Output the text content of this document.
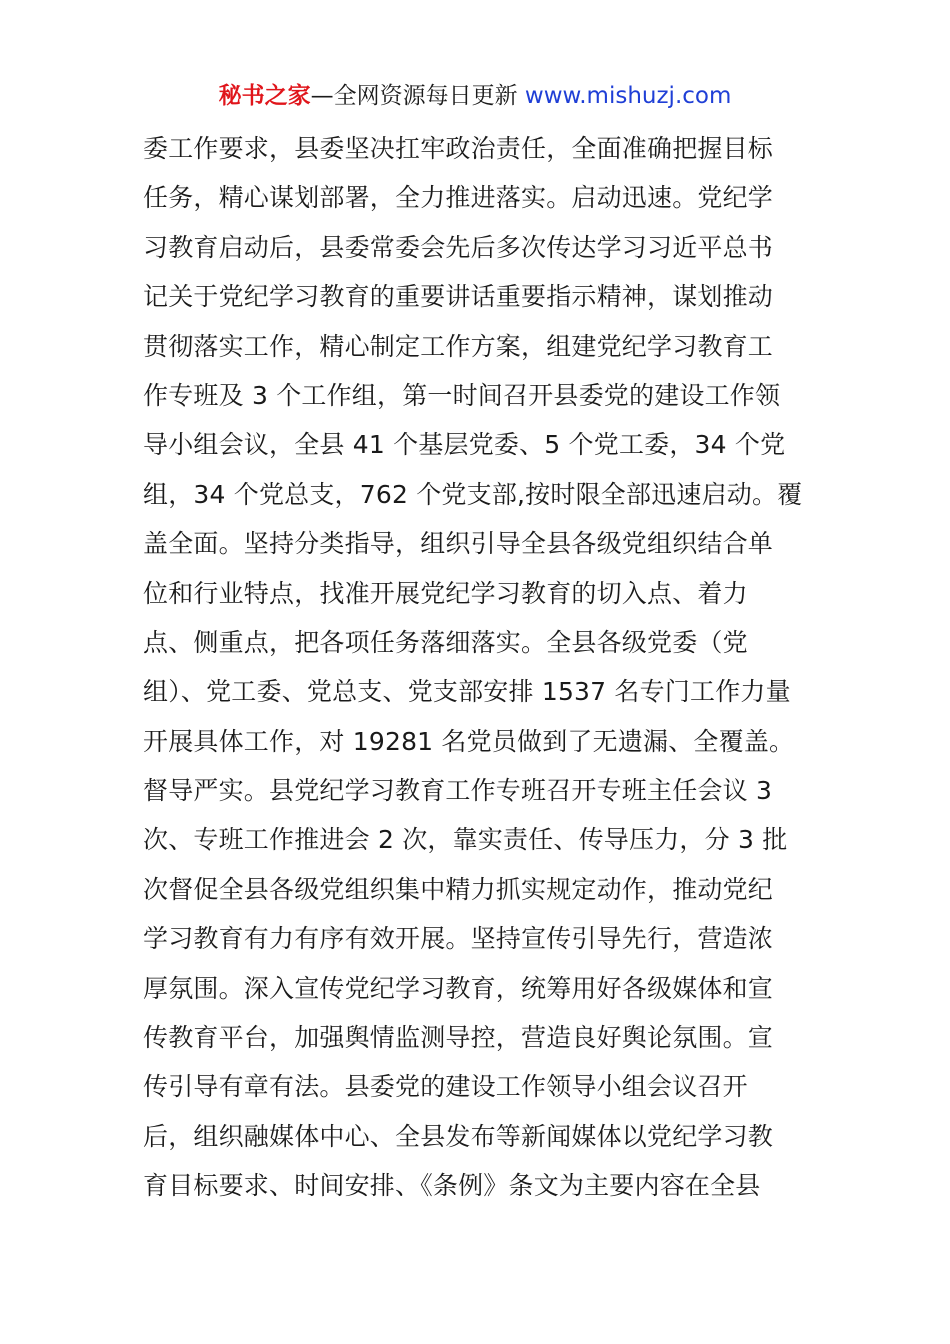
秘书之家—全网资源每日更新 www.mishuzj.com
委工作要求，县委坚决扛牢政治责任，全面准确把握目标
任务，精心谋划部署，全力推进落实。启动迅速。党纪学
习教育启动后，县委常委会先后多次传达学习习近平总书
记关于党纪学习教育的重要讲话重要指示精神，谋划推动
贯彻落实工作，精心制定工作方案，组建党纪学习教育工
作专班及 3 个工作组，第一时间召开县委党的建设工作领
导小组会议，全县 41 个基层党委、5 个党工委，34 个党
组，34 个党总支，762 个党支部,按时限全部迅速启动。覆
盖全面。坚持分类指导，组织引导全县各级党组织结合单
位和行业特点，找准开展党纪学习教育的切入点、着力
点、侧重点，把各项任务落细落实。全县各级党委（党
组）、党工委、党总支、党支部安排 1537 名专门工作力量
开展具体工作，对 19281 名党员做到了无遗漏、全覆盖。
督导严实。县党纪学习教育工作专班召开专班主任会议 3
次、专班工作推进会 2 次，靠实责任、传导压力，分 3 批
次督促全县各级党组织集中精力抓实规定动作，推动党纪
学习教育有力有序有效开展。坚持宣传引导先行，营造浓
厚氛围。深入宣传党纪学习教育，统筹用好各级媒体和宣
传教育平台，加强舆情监测导控，营造良好舆论氛围。宣
传引导有章有法。县委党的建设工作领导小组会议召开
后，组织融媒体中心、全县发布等新闻媒体以党纪学习教
育目标要求、时间安排、《条例》条文为主要内容在全县
